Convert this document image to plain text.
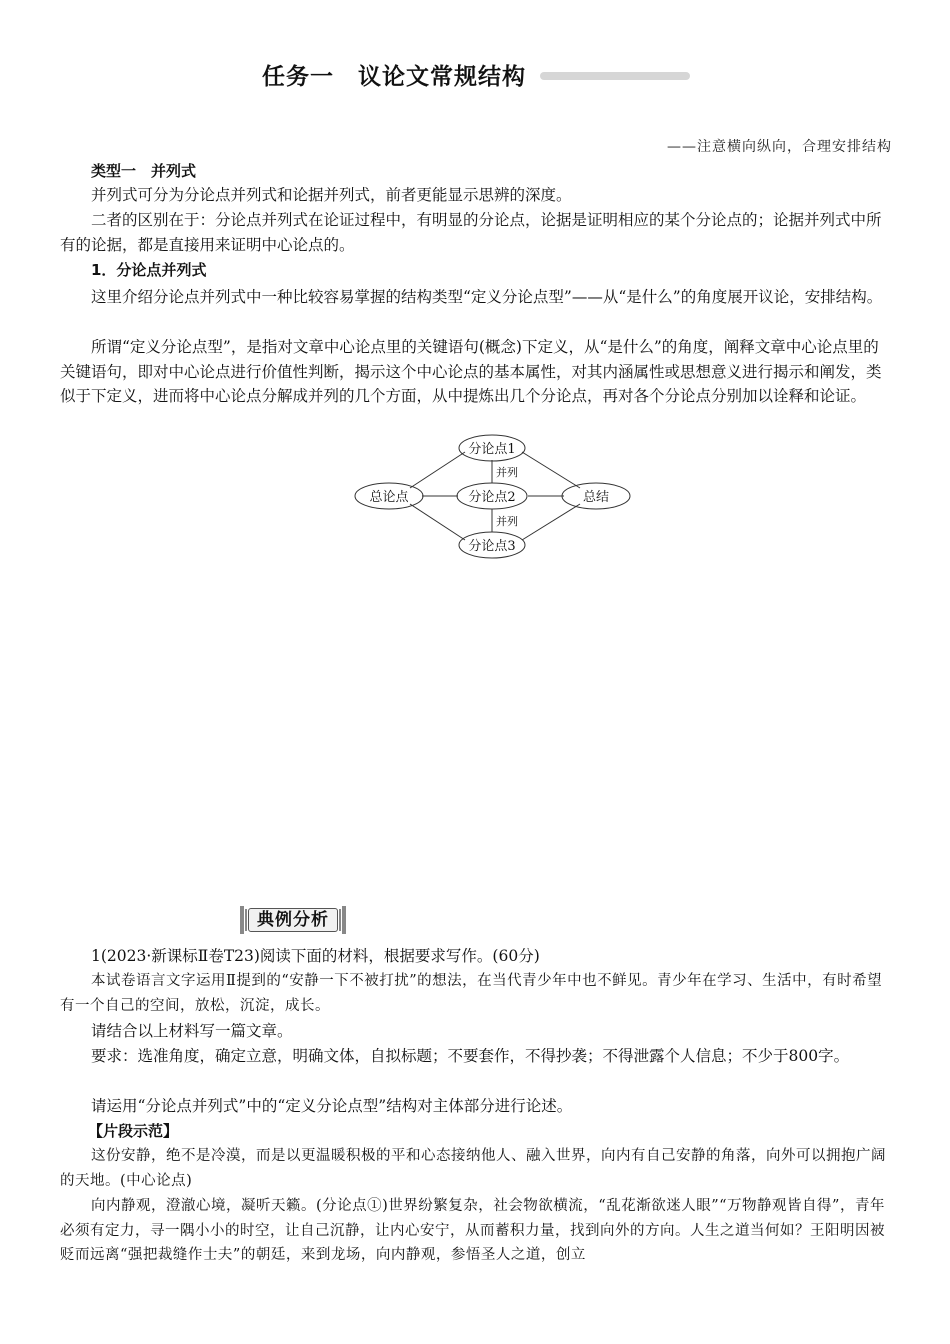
任务一　议论文常规结构
——注意横向纵向，合理安排结构
类型一　并列式
并列式可分为分论点并列式和论据并列式，前者更能显示思辨的深度。
二者的区别在于：分论点并列式在论证过程中，有明显的分论点，论据是证明相应的某个分论点的；论据并列式中所有的论据，都是直接用来证明中心论点的。
1．分论点并列式
这里介绍分论点并列式中一种比较容易掌握的结构类型“定义分论点型”——从“是什么”的角度展开议论，安排结构。
所谓“定义分论点型”，是指对文章中心论点里的关键语句(概念)下定义，从“是什么”的角度，阐释文章中心论点里的关键语句，即对中心论点进行价值性判断，揭示这个中心论点的基本属性，对其内涵属性或思想意义进行揭示和阐发，类似于下定义，进而将中心论点分解成并列的几个方面，从中提炼出几个分论点，再对各个分论点分别加以诠释和论证。
总论点
分论点1
分论点2
分论点3
总结
并列
并列
典例分析
1(2023·新课标Ⅱ卷T23)阅读下面的材料，根据要求写作。(60分)
本试卷语言文字运用Ⅱ提到的“安静一下不被打扰”的想法，在当代青少年中也不鲜见。青少年在学习、生活中，有时希望有一个自己的空间，放松，沉淀，成长。
请结合以上材料写一篇文章。
要求：选准角度，确定立意，明确文体，自拟标题；不要套作，不得抄袭；不得泄露个人信息；不少于800字。
请运用“分论点并列式”中的“定义分论点型”结构对主体部分进行论述。
【片段示范】
这份安静，绝不是冷漠，而是以更温暖积极的平和心态接纳他人、融入世界，向内有自己安静的角落，向外可以拥抱广阔的天地。(中心论点)
向内静观，澄澈心境，凝听天籁。(分论点①)世界纷繁复杂，社会物欲横流，“乱花渐欲迷人眼”“万物静观皆自得”，青年必须有定力，寻一隅小小的时空，让自己沉静，让内心安宁，从而蓄积力量，找到向外的方向。人生之道当何如？王阳明因被贬而远离“强把裁缝作士夫”的朝廷，来到龙场，向内静观，参悟圣人之道，创立
